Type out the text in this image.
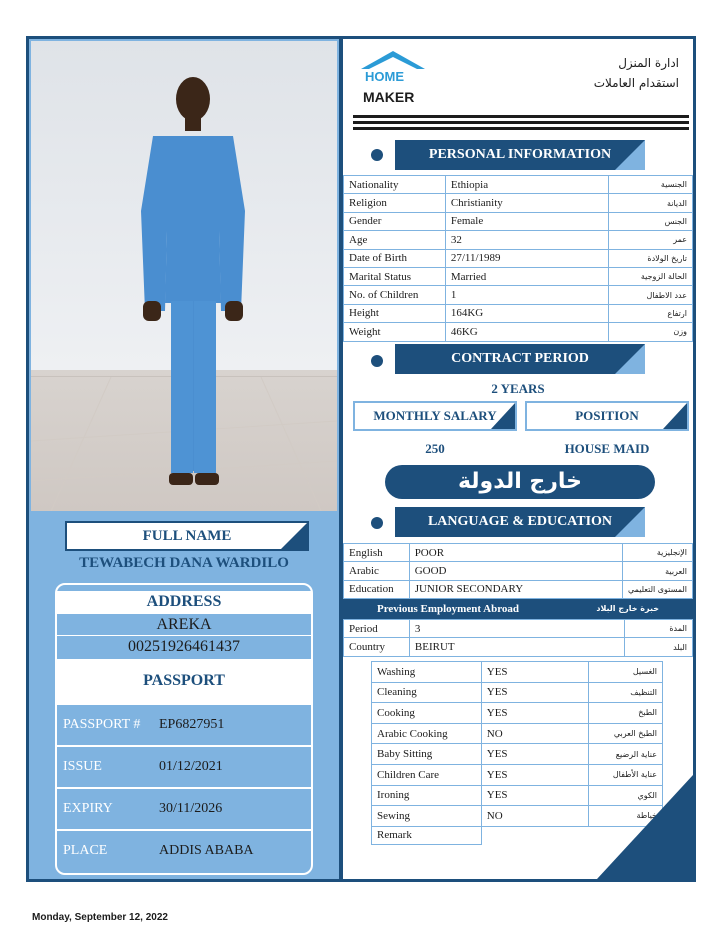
FULL NAME
TEWABECH DANA WARDILO
ADDRESS
AREKA
00251926461437
PASSPORT
PASSPORT # EP6827951
ISSUE	01/12/2021
EXPIRY	30/11/2026
PLACE	ADDIS ABABA
HOME
MAKER
ادارة المنزل
استقدام العاملات
PERSONAL INFORMATION
Nationality	Ethiopia	الجنسية
Religion	Christianity	الديانة
Gender	Female	الجنس
Age	32	عمر
Date of Birth	27/11/1989	تاريخ الولادة
Marital Status	Married	الحالة الزوجية
No. of Children	1	عدد الاطفال
Height	164KG	ارتفاع
Weight	46KG	وزن
CONTRACT PERIOD
2 YEARS
MONTHLY SALARY	POSITION
250	HOUSE MAID
خارج الدولة
LANGUAGE & EDUCATION
English	POOR	الإنجليزية
Arabic	GOOD	العربية
Education	JUNIOR SECONDARY	المستوى التعليمي
Previous Employment Abroad	خبرة خارج البلاد
Period	3	المدة
Country	BEIRUT	البلد
Washing	YES	الغسيل
Cleaning	YES	التنظيف
Cooking	YES	الطبخ
Arabic Cooking	NO	الطبخ العربي
Baby Sitting	YES	عناية الرضيع
Children Care	YES	عناية الأطفال
Ironing	YES	الكوي
Sewing	NO	خياطة
Remark		
Monday, September 12, 2022
